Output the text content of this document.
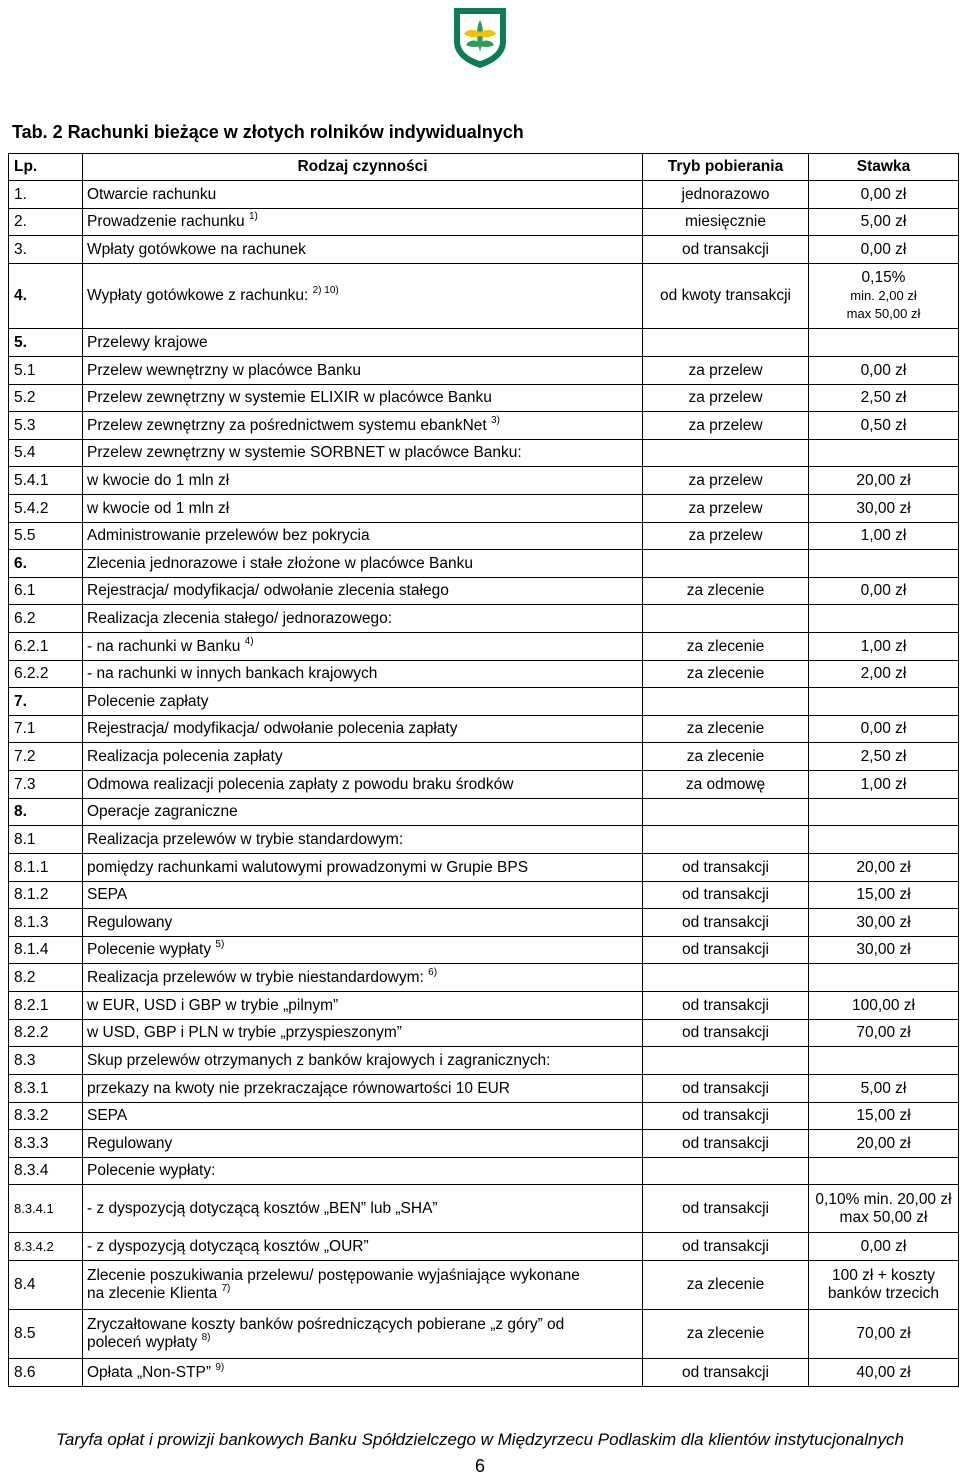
Tab. 2 Rachunki bieżące w złotych rolników indywidualnych
Lp.	Rodzaj czynności	Tryb pobierania	Stawka
1.	Otwarcie rachunku	jednorazowo	0,00 zł
2.	Prowadzenie rachunku $^{1)}$	miesięcznie	5,00 zł
3.	Wpłaty gotówkowe na rachunek	od transakcji	0,00 zł
4.	Wypłaty gotówkowe z rachunku: $^{2) 10)}$	od kwoty transakcji	0,15%
min. 2,00 zł
max 50,00 zł
5.	Przelewy krajowe		
5.1	Przelew wewnętrzny w placówce Banku	za przelew	0,00 zł
5.2	Przelew zewnętrzny w systemie ELIXIR w placówce Banku	za przelew	2,50 zł
5.3	Przelew zewnętrzny za pośrednictwem systemu ebankNet $^{3)}$	za przelew	0,50 zł
5.4	Przelew zewnętrzny w systemie SORBNET w placówce Banku:		
5.4.1	w kwocie do 1 mln zł	za przelew	20,00 zł
5.4.2	w kwocie od 1 mln zł	za przelew	30,00 zł
5.5	Administrowanie przelewów bez pokrycia	za przelew	1,00 zł
6.	Zlecenia jednorazowe i stałe złożone w placówce Banku		
6.1	Rejestracja/ modyfikacja/ odwołanie zlecenia stałego	za zlecenie	0,00 zł
6.2	Realizacja zlecenia stałego/ jednorazowego:		
6.2.1	- na rachunki w Banku $^{4)}$	za zlecenie	1,00 zł
6.2.2	- na rachunki w innych bankach krajowych	za zlecenie	2,00 zł
7.	Polecenie zapłaty		
7.1	Rejestracja/ modyfikacja/ odwołanie polecenia zapłaty	za zlecenie	0,00 zł
7.2	Realizacja polecenia zapłaty	za zlecenie	2,50 zł
7.3	Odmowa realizacji polecenia zapłaty z powodu braku środków	za odmowę	1,00 zł
8.	Operacje zagraniczne		
8.1	Realizacja przelewów w trybie standardowym:		
8.1.1	pomiędzy rachunkami walutowymi prowadzonymi w Grupie BPS	od transakcji	20,00 zł
8.1.2	SEPA	od transakcji	15,00 zł
8.1.3	Regulowany	od transakcji	30,00 zł
8.1.4	Polecenie wypłaty $^{5)}$	od transakcji	30,00 zł
8.2	Realizacja przelewów w trybie niestandardowym: $^{6)}$		
8.2.1	w EUR, USD i GBP w trybie „pilnym”	od transakcji	100,00 zł
8.2.2	w USD, GBP i PLN w trybie „przyspieszonym”	od transakcji	70,00 zł
8.3	Skup przelewów otrzymanych z banków krajowych i zagranicznych:		
8.3.1	przekazy na kwoty nie przekraczające równowartości 10 EUR	od transakcji	5,00 zł
8.3.2	SEPA	od transakcji	15,00 zł
8.3.3	Regulowany	od transakcji	20,00 zł
8.3.4	Polecenie wypłaty:		
8.3.4.1	- z dyspozycją dotyczącą kosztów „BEN” lub „SHA”	od transakcji	0,10% min. 20,00 zł
max 50,00 zł
8.3.4.2	- z dyspozycją dotyczącą kosztów „OUR”	od transakcji	0,00 zł
8.4	Zlecenie poszukiwania przelewu/ postępowanie wyjaśniające wykonane
na zlecenie Klienta $^{7)}$	za zlecenie	100 zł + koszty
banków trzecich
8.5	Zryczałtowane koszty banków pośredniczących pobierane „z góry” od
poleceń wypłaty $^{8)}$	za zlecenie	70,00 zł
8.6	Opłata „Non-STP” $^{9)}$	od transakcji	40,00 zł
Taryfa opłat i prowizji bankowych Banku Spółdzielczego w Międzyrzecu Podlaskim dla klientów instytucjonalnych
6
